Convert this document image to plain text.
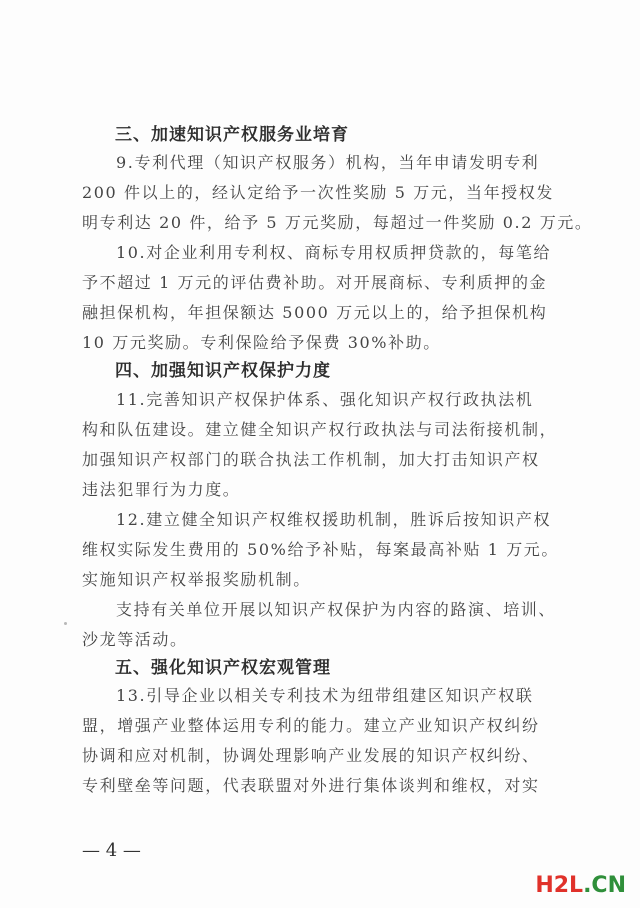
三、加速知识产权服务业培育
9.专利代理（知识产权服务）机构，当年申请发明专利
200 件以上的，经认定给予一次性奖励 5 万元，当年授权发
明专利达 20 件，给予 5 万元奖励，每超过一件奖励 0.2 万元。
10.对企业利用专利权、商标专用权质押贷款的，每笔给
予不超过 1 万元的评估费补助。对开展商标、专利质押的金
融担保机构，年担保额达 5000 万元以上的，给予担保机构
10 万元奖励。专利保险给予保费 30%补助。
四、加强知识产权保护力度
11.完善知识产权保护体系、强化知识产权行政执法机
构和队伍建设。建立健全知识产权行政执法与司法衔接机制，
加强知识产权部门的联合执法工作机制，加大打击知识产权
违法犯罪行为力度。
12.建立健全知识产权维权援助机制，胜诉后按知识产权
维权实际发生费用的 50%给予补贴，每案最高补贴 1 万元。
实施知识产权举报奖励机制。
支持有关单位开展以知识产权保护为内容的路演、培训、
沙龙等活动。
五、强化知识产权宏观管理
13.引导企业以相关专利技术为纽带组建区知识产权联
盟，增强产业整体运用专利的能力。建立产业知识产权纠纷
协调和应对机制，协调处理影响产业发展的知识产权纠纷、
专利壁垒等问题，代表联盟对外进行集体谈判和维权，对实
— 4 —
H2L.CN
